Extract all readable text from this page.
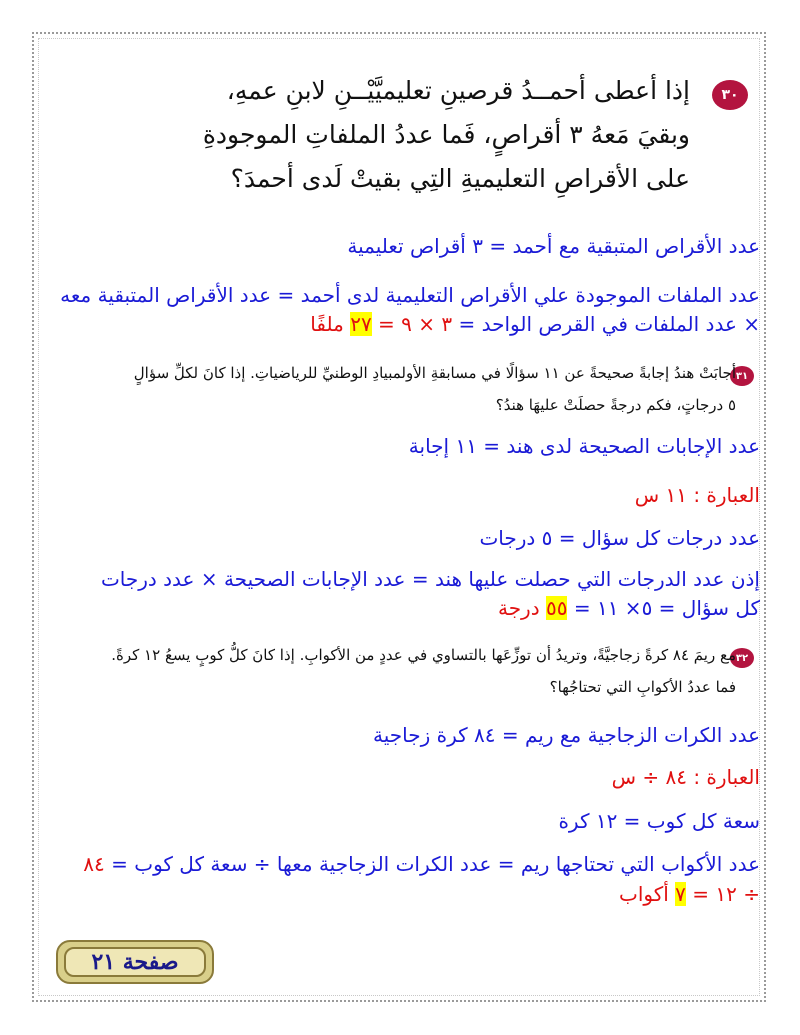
٣٠
إذا أعطى أحمــدُ قرصينِ تعليميَّيْــنِ لابنِ عمهِ،
وبقيَ مَعهُ ٣ أقراصٍ، فَما عددُ الملفاتِ الموجودةِ
على الأقراصِ التعليميةِ التِي بقيتْ لَدى أحمدَ؟
عدد الأقراص المتبقية مع أحمد = ٣ أقراص تعليمية
عدد الملفات الموجودة علي الأقراص التعليمية لدى أحمد = عدد الأقراص المتبقية معه
× عدد الملفات في القرص الواحد = ٣ × ٩ = ٢٧ ملفًا
٣١
أجابَتْ هندُ إجابةً صحيحةً عن ١١ سؤالًا في مسابقةِ الأولمبيادِ الوطنيِّ للرياضياتِ. إذا كانَ لكلِّ سؤالٍ
٥ درجاتٍ، فكم درجةً حصلَتْ عليهَا هندُ؟
عدد الإجابات الصحيحة لدى هند = ١١ إجابة
العبارة : ١١ س
عدد درجات كل سؤال = ٥ درجات
إذن عدد الدرجات التي حصلت عليها هند = عدد الإجابات الصحيحة × عدد درجات
كل سؤال = ٥× ١١ = ٥٥ درجة
٣٢
مع ريمَ ٨٤ كرةً زجاجيَّةً، وتريدُ أن توزِّعَها بالتساوي في عددٍ من الأكوابِ. إذا كانَ كلُّ كوبٍ يسعُ ١٢ كرةً.
فما عددُ الأكوابِ التي تحتاجُها؟
عدد الكرات الزجاجية مع ريم = ٨٤ كرة زجاجية
العبارة : ٨٤ ÷ س
سعة كل كوب = ١٢ كرة
عدد الأكواب التي تحتاجها ريم = عدد الكرات الزجاجية معها ÷ سعة كل كوب = ٨٤
÷ ١٢ = ٧ أكواب
صفحة ٢١
